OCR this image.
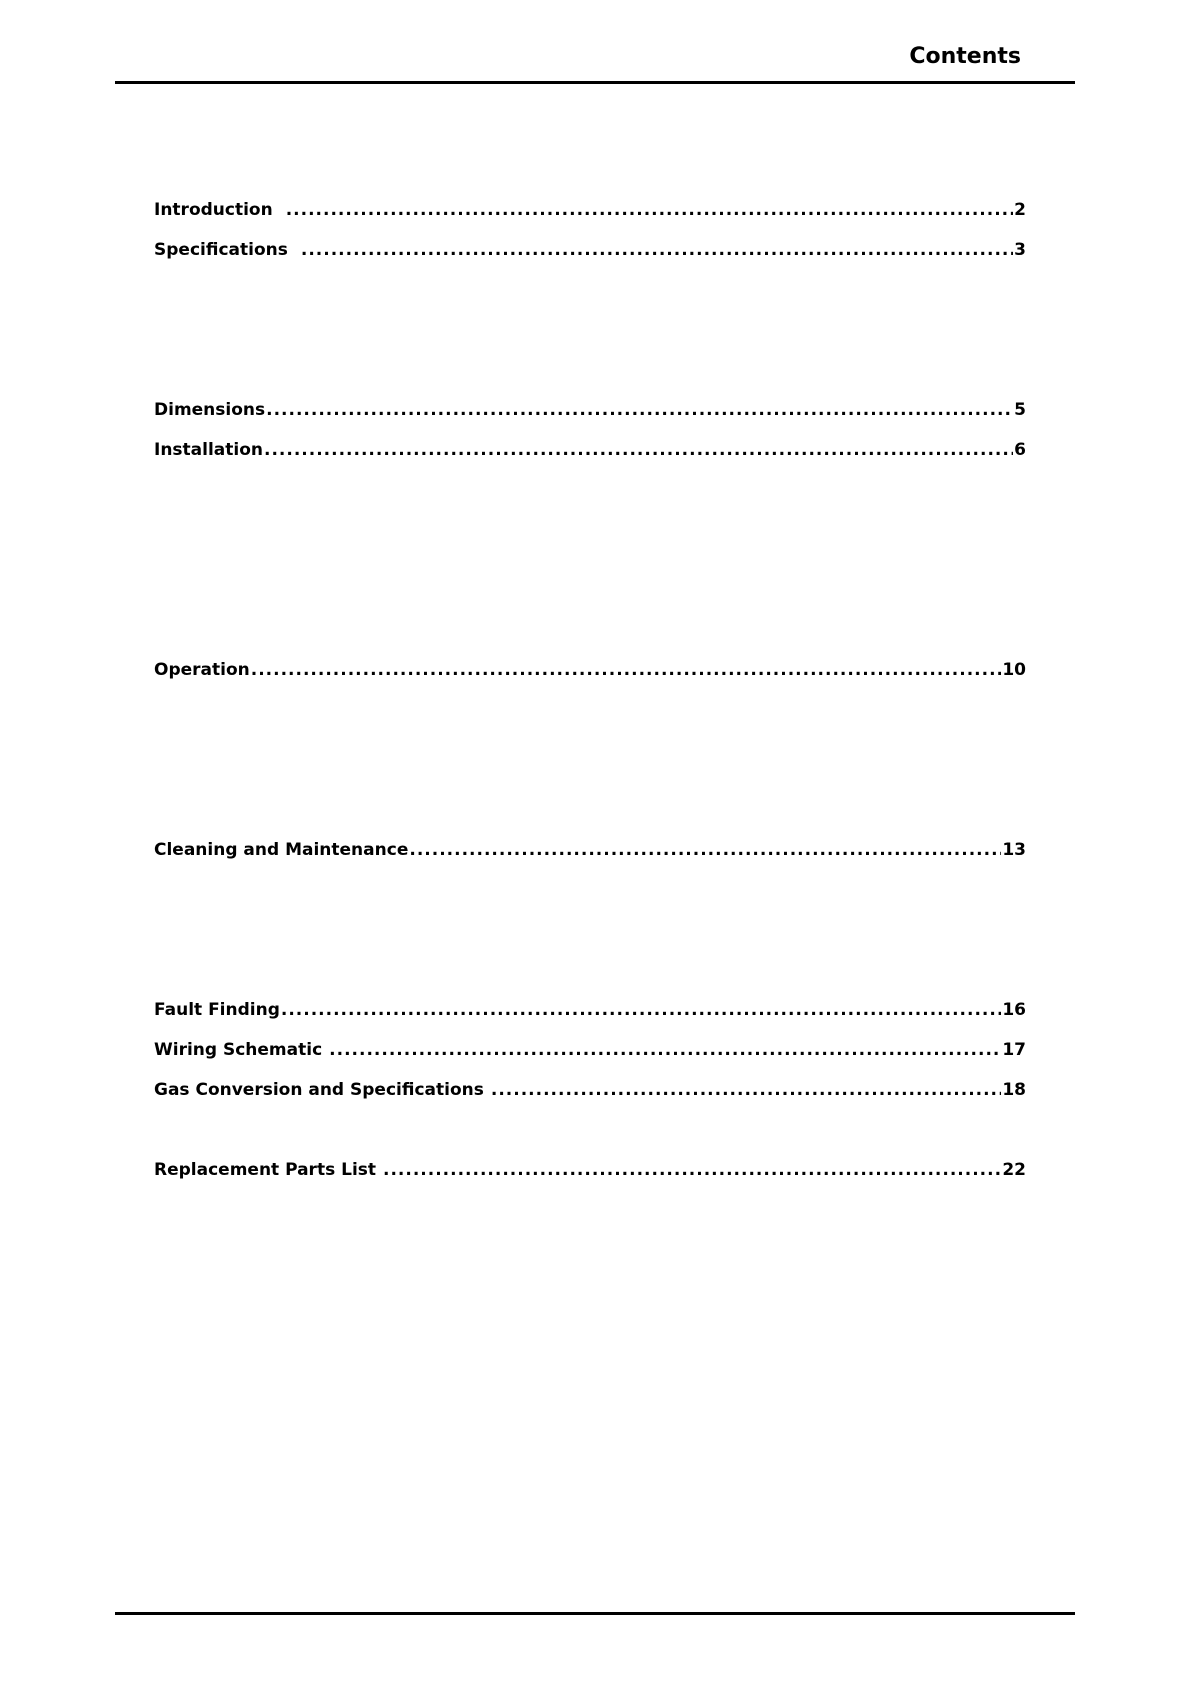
Contents
Introduction .....	2
Specifications .....	3
Dimensions .....	5
Installation .....	6
Operation .....	10
Cleaning and Maintenance .....	13
Fault Finding .....	16
Wiring Schematic .....	17
Gas Conversion and Specifications .....	18
Replacement Parts List .....	22
